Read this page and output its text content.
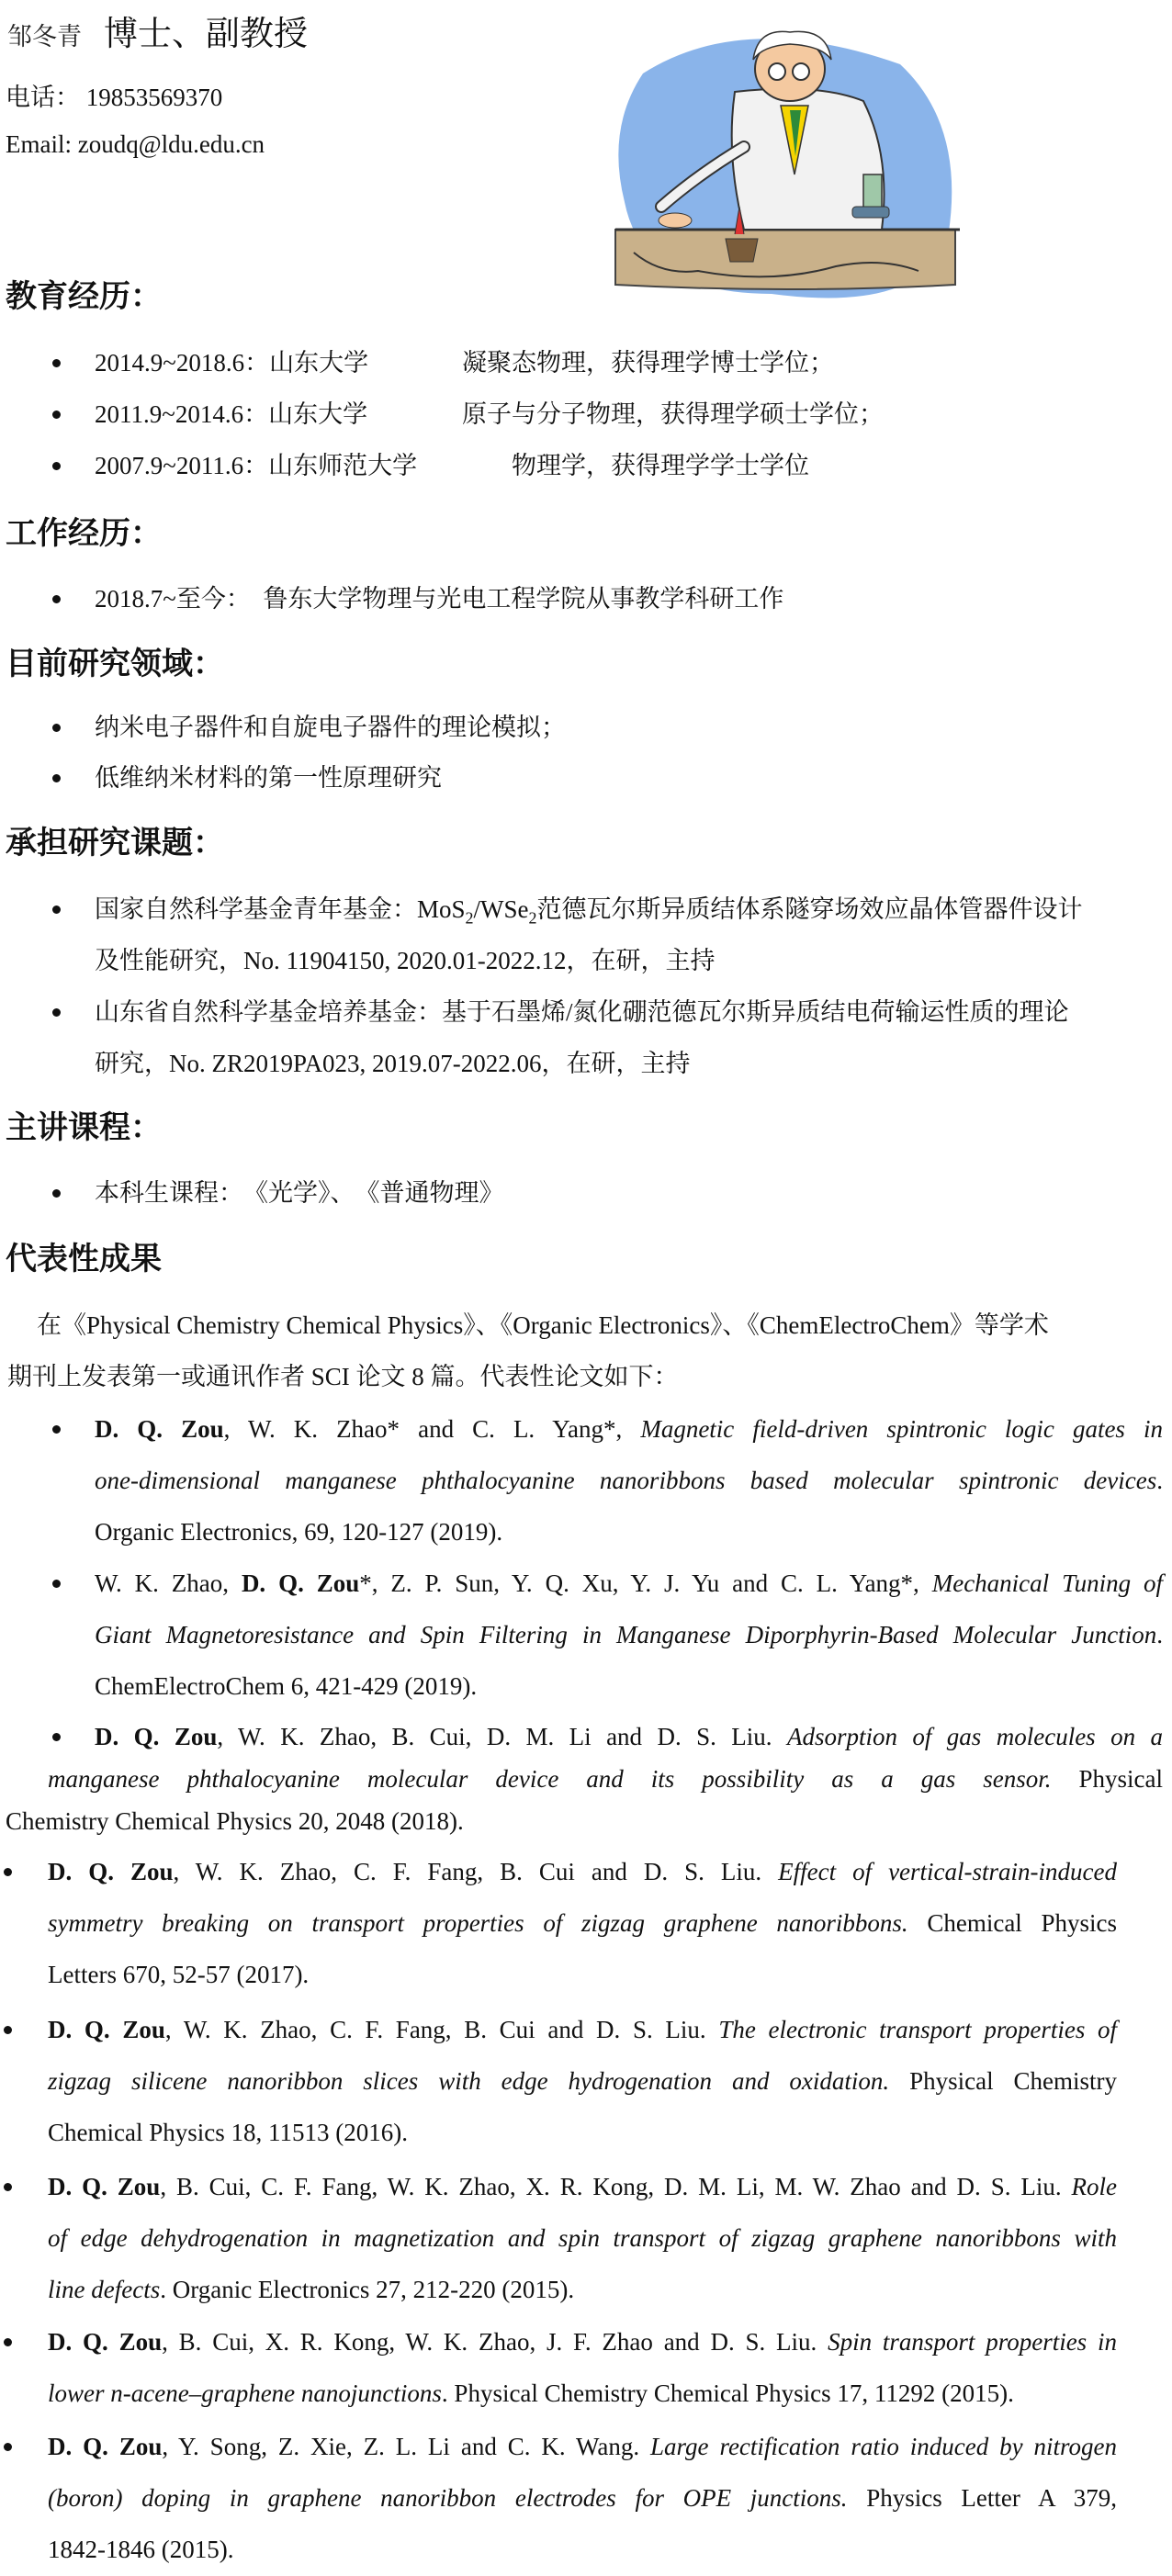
邹冬青 博士、副教授
电话： 19853569370
Email: zoudq@ldu.edu.cn
教育经历：
2014.9~2018.6：山东大学	凝聚态物理，获得理学博士学位；
2011.9~2014.6：山东大学	原子与分子物理，获得理学硕士学位；
2007.9~2011.6：山东师范大学	物理学，获得理学学士学位
工作经历：
2018.7~至今：　鲁东大学物理与光电工程学院从事教学科研工作
目前研究领域：
纳米电子器件和自旋电子器件的理论模拟；
低维纳米材料的第一性原理研究
承担研究课题：
国家自然科学基金青年基金：MoS$_2$/WSe$_2$范德瓦尔斯异质结体系隧穿场效应晶体管器件设计
及性能研究，No. 11904150, 2020.01-2022.12，在研，主持
山东省自然科学基金培养基金：基于石墨烯/氮化硼范德瓦尔斯异质结电荷输运性质的理论
研究，No. ZR2019PA023, 2019.07-2022.06，在研，主持
主讲课程：
本科生课程：　《光学》、　《普通物理》
代表性成果
在《Physical Chemistry Chemical Physics》、《Organic Electronics》、《ChemElectroChem》等学术
期刊上发表第一或通讯作者 SCI 论文 8 篇。代表性论文如下：
D. Q. Zou, W. K. Zhao* and C. L. Yang*, Magnetic field-driven spintronic logic gates in
one-dimensional manganese phthalocyanine nanoribbons based molecular spintronic devices.
Organic Electronics, 69, 120-127 (2019).
W. K. Zhao, D. Q. Zou*, Z. P. Sun, Y. Q. Xu, Y. J. Yu and C. L. Yang*, Mechanical Tuning of
Giant Magnetoresistance and Spin Filtering in Manganese Diporphyrin-Based Molecular Junction.
ChemElectroChem 6, 421-429 (2019).
D. Q. Zou, W. K. Zhao, B. Cui, D. M. Li and D. S. Liu. Adsorption of gas molecules on a
manganese phthalocyanine molecular device and its possibility as a gas sensor. Physical
Chemistry Chemical Physics 20, 2048 (2018).
D. Q. Zou, W. K. Zhao, C. F. Fang, B. Cui and D. S. Liu. Effect of vertical-strain-induced
symmetry breaking on transport properties of zigzag graphene nanoribbons. Chemical Physics
Letters 670, 52-57 (2017).
D. Q. Zou, W. K. Zhao, C. F. Fang, B. Cui and D. S. Liu. The electronic transport properties of
zigzag silicene nanoribbon slices with edge hydrogenation and oxidation. Physical Chemistry
Chemical Physics 18, 11513 (2016).
D. Q. Zou, B. Cui, C. F. Fang, W. K. Zhao, X. R. Kong, D. M. Li, M. W. Zhao and D. S. Liu. Role
of edge dehydrogenation in magnetization and spin transport of zigzag graphene nanoribbons with
line defects. Organic Electronics 27, 212-220 (2015).
D. Q. Zou, B. Cui, X. R. Kong, W. K. Zhao, J. F. Zhao and D. S. Liu. Spin transport properties in
lower n-acene–graphene nanojunctions. Physical Chemistry Chemical Physics 17, 11292 (2015).
D. Q. Zou, Y. Song, Z. Xie, Z. L. Li and C. K. Wang. Large rectification ratio induced by nitrogen
(boron) doping in graphene nanoribbon electrodes for OPE junctions. Physics Letter A 379,
1842-1846 (2015).
